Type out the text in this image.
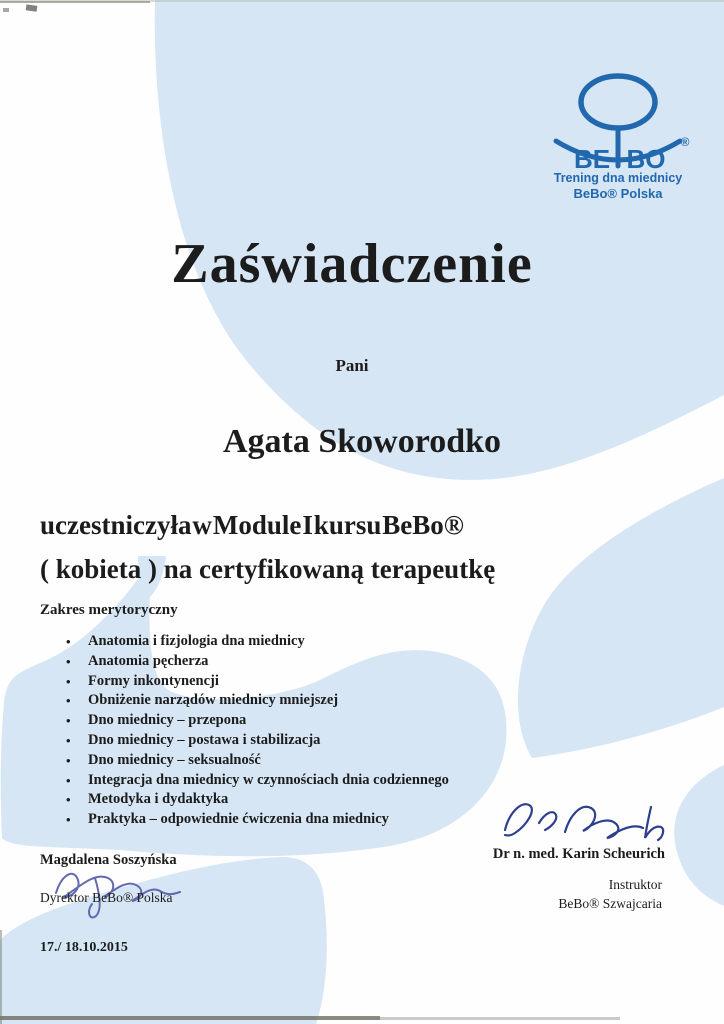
BE BO
®
Trening dna miednicy
BeBo® Polska
Zaświadczenie
Pani
Agata Skoworodko
uczestniczyła w Module I kursu BeBo®
( kobieta ) na certyfikowaną terapeutkę
Zakres merytoryczny
•	Anatomia i fizjologia dna miednicy
•	Anatomia pęcherza
•	Formy inkontynencji
•	Obniżenie narządów miednicy mniejszej
•	Dno miednicy – przepona
•	Dno miednicy – postawa i stabilizacja
•	Dno miednicy – seksualność
•	Integracja dna miednicy w czynnościach dnia codziennego
•	Metodyka i dydaktyka
•	Praktyka – odpowiednie ćwiczenia dna miednicy
Magdalena Soszyńska
Dyrektor BeBo® Polska
Dr n. med. Karin Scheurich
Instruktor
BeBo® Szwajcaria
17./ 18.10.2015
